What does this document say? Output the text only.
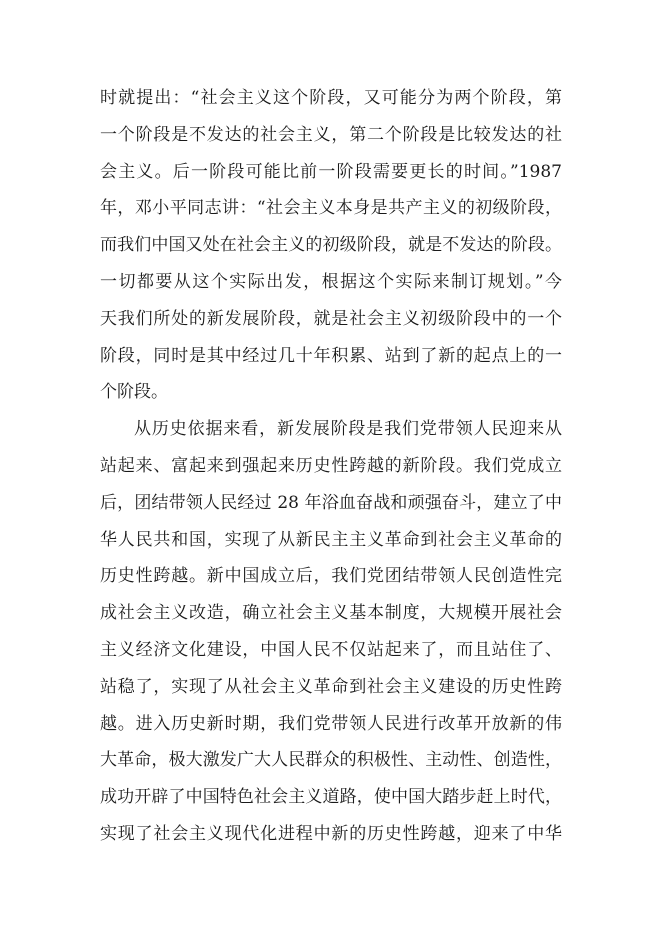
时就提出：“社会主义这个阶段，又可能分为两个阶段，第
一个阶段是不发达的社会主义，第二个阶段是比较发达的社
会主义。后一阶段可能比前一阶段需要更长的时间。”1987
年，邓小平同志讲：“社会主义本身是共产主义的初级阶段，
而我们中国又处在社会主义的初级阶段，就是不发达的阶段。
一切都要从这个实际出发，根据这个实际来制订规划。”今
天我们所处的新发展阶段，就是社会主义初级阶段中的一个
阶段，同时是其中经过几十年积累、站到了新的起点上的一
个阶段。
从历史依据来看，新发展阶段是我们党带领人民迎来从
站起来、富起来到强起来历史性跨越的新阶段。我们党成立
后，团结带领人民经过 28 年浴血奋战和顽强奋斗，建立了中
华人民共和国，实现了从新民主主义革命到社会主义革命的
历史性跨越。新中国成立后，我们党团结带领人民创造性完
成社会主义改造，确立社会主义基本制度，大规模开展社会
主义经济文化建设，中国人民不仅站起来了，而且站住了、
站稳了，实现了从社会主义革命到社会主义建设的历史性跨
越。进入历史新时期，我们党带领人民进行改革开放新的伟
大革命，极大激发广大人民群众的积极性、主动性、创造性，
成功开辟了中国特色社会主义道路，使中国大踏步赶上时代，
实现了社会主义现代化进程中新的历史性跨越，迎来了中华
